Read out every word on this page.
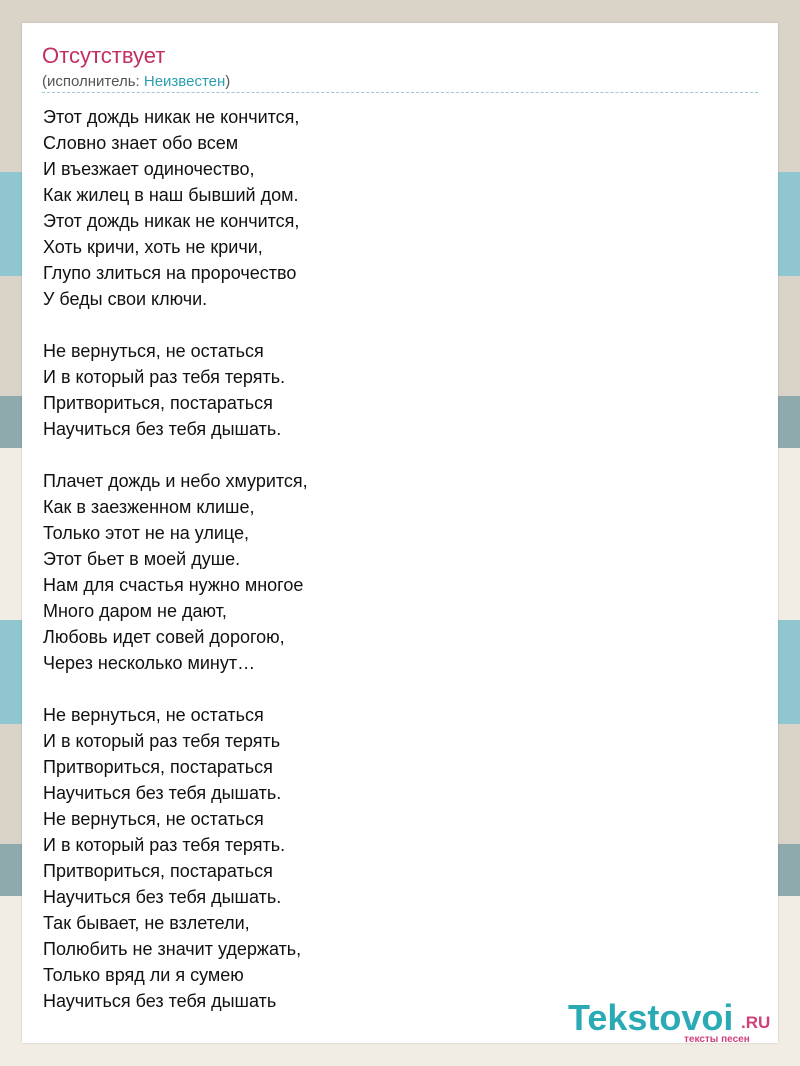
Отсутствует
(исполнитель: Неизвестен)
Этот дождь никак не кончится,
Словно знает обо всем
И въезжает одиночество,
Как жилец в наш бывший дом.
Этот дождь никак не кончится,
Хоть кричи, хоть не кричи,
Глупо злиться на пророчество
У беды свои ключи.
Не вернуться, не остаться
И в который раз тебя терять.
Притвориться, постараться
Научиться без тебя дышать.
Плачет дождь и небо хмурится,
Как в заезженном клише,
Только этот не на улице,
Этот бьет в моей душе.
Нам для счастья нужно многое
Много даром не дают,
Любовь идет совей дорогою,
Через несколько минут…
Не вернуться, не остаться
И в который раз тебя терять
Притвориться, постараться
Научиться без тебя дышать.
Не вернуться, не остаться
И в который раз тебя терять.
Притвориться, постараться
Научиться без тебя дышать.
Так бывает, не взлетели,
Полюбить не значит удержать,
Только вряд ли я сумею
Научиться без тебя дышать	Tekstovoi .RU
тексты песен
